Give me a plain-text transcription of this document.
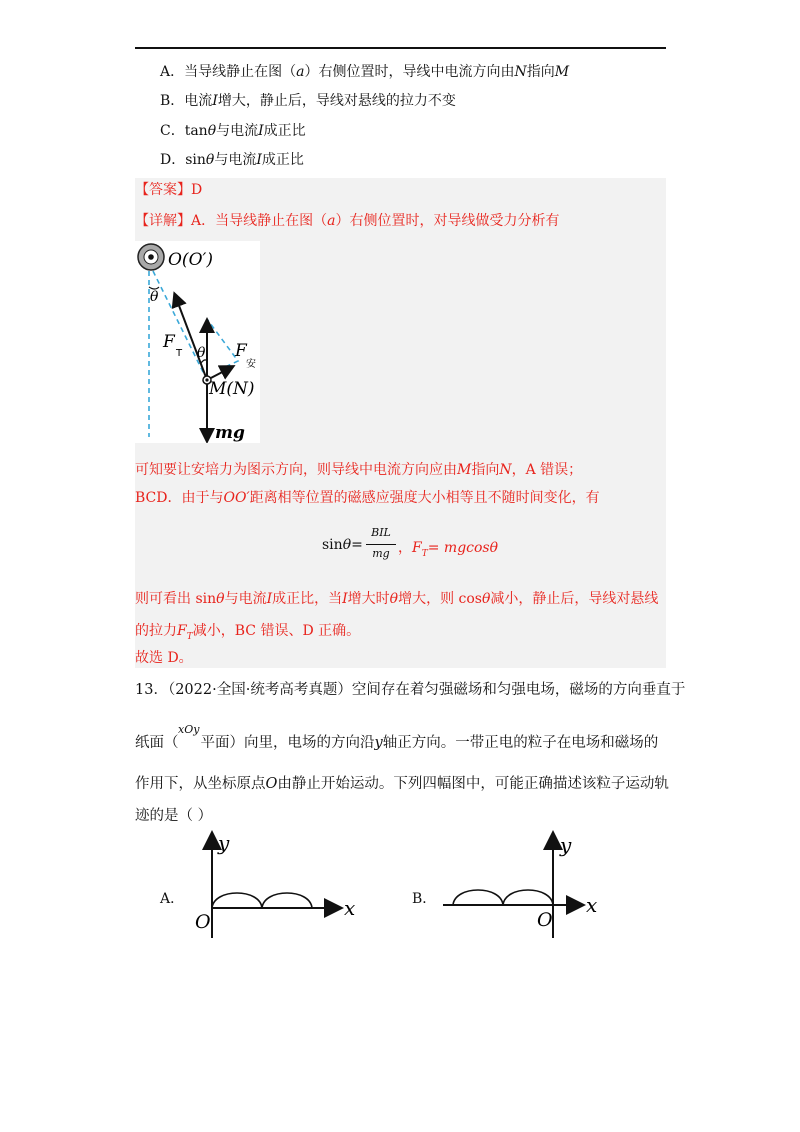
A．当导线静止在图（a）右侧位置时，导线中电流方向由N指向M
B．电流I增大，静止后，导线对悬线的拉力不变
C．tanθ与电流I成正比
D．sinθ与电流I成正比
【答案】D
【详解】A．当导线静止在图（a）右侧位置时，对导线做受力分析有
O(O′)
θ
F
T θ F
安
M(N)
mg
可知要让安培力为图示方向，则导线中电流方向应由M指向N，A 错误；
BCD．由于与OO′距离相等位置的磁感应强度大小相等且不随时间变化，有
sinθ=
BIL
mg ，$F_T= mgcos\theta$
则可看出 sinθ与电流I成正比，当I增大时θ增大，则 cosθ减小，静止后，导线对悬线
的拉力$F_T$减小，BC 错误、D 正确。
故选 D。
13．（2022·全国·统考高考真题）空间存在着匀强磁场和匀强电场，磁场的方向垂直于
xOy
纸面（ 平面）向里，电场的方向沿y轴正方向。一带正电的粒子在电场和磁场的
作用下，从坐标原点O由静止开始运动。下列四幅图中，可能正确描述该粒子运动轨
迹的是（ ）
A．
y
O
x	B．
y
O
x
